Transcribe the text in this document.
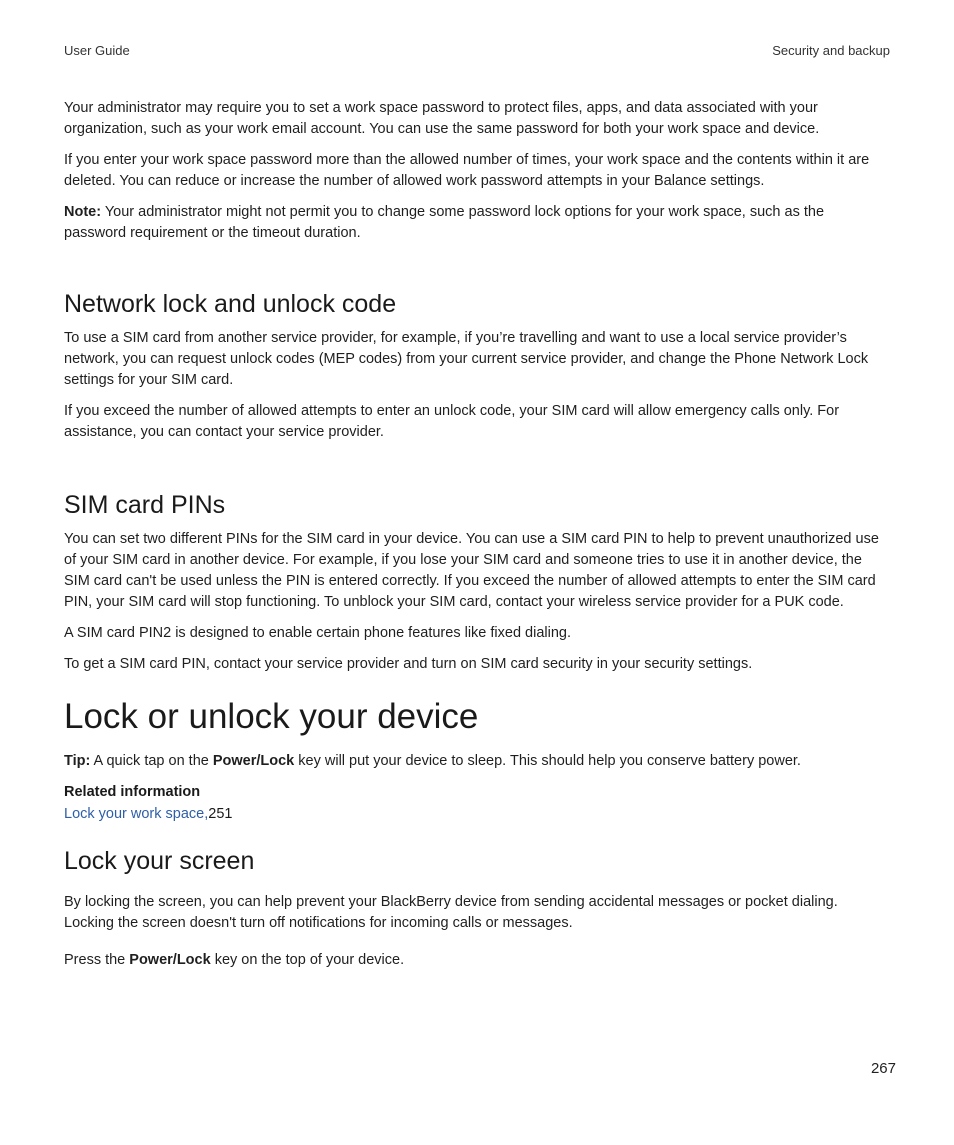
User Guide	Security and backup

Your administrator may require you to set a work space password to protect files, apps, and data associated with your organization, such as your work email account. You can use the same password for both your work space and device.

If you enter your work space password more than the allowed number of times, your work space and the contents within it are deleted. You can reduce or increase the number of allowed work password attempts in your Balance settings.

Note: Your administrator might not permit you to change some password lock options for your work space, such as the password requirement or the timeout duration.

Network lock and unlock code

To use a SIM card from another service provider, for example, if you’re travelling and want to use a local service provider’s network, you can request unlock codes (MEP codes) from your current service provider, and change the Phone Network Lock settings for your SIM card.

If you exceed the number of allowed attempts to enter an unlock code, your SIM card will allow emergency calls only. For assistance, you can contact your service provider.

SIM card PINs

You can set two different PINs for the SIM card in your device. You can use a SIM card PIN to help to prevent unauthorized use of your SIM card in another device. For example, if you lose your SIM card and someone tries to use it in another device, the SIM card can't be used unless the PIN is entered correctly. If you exceed the number of allowed attempts to enter the SIM card PIN, your SIM card will stop functioning. To unblock your SIM card, contact your wireless service provider for a PUK code.

A SIM card PIN2 is designed to enable certain phone features like fixed dialing.

To get a SIM card PIN, contact your service provider and turn on SIM card security in your security settings.

Lock or unlock your device

Tip: A quick tap on the Power/Lock key will put your device to sleep. This should help you conserve battery power.

Related information
Lock your work space,251
Lock your screen

By locking the screen, you can help prevent your BlackBerry device from sending accidental messages or pocket dialing. Locking the screen doesn't turn off notifications for incoming calls or messages.

Press the Power/Lock key on the top of your device.

267
